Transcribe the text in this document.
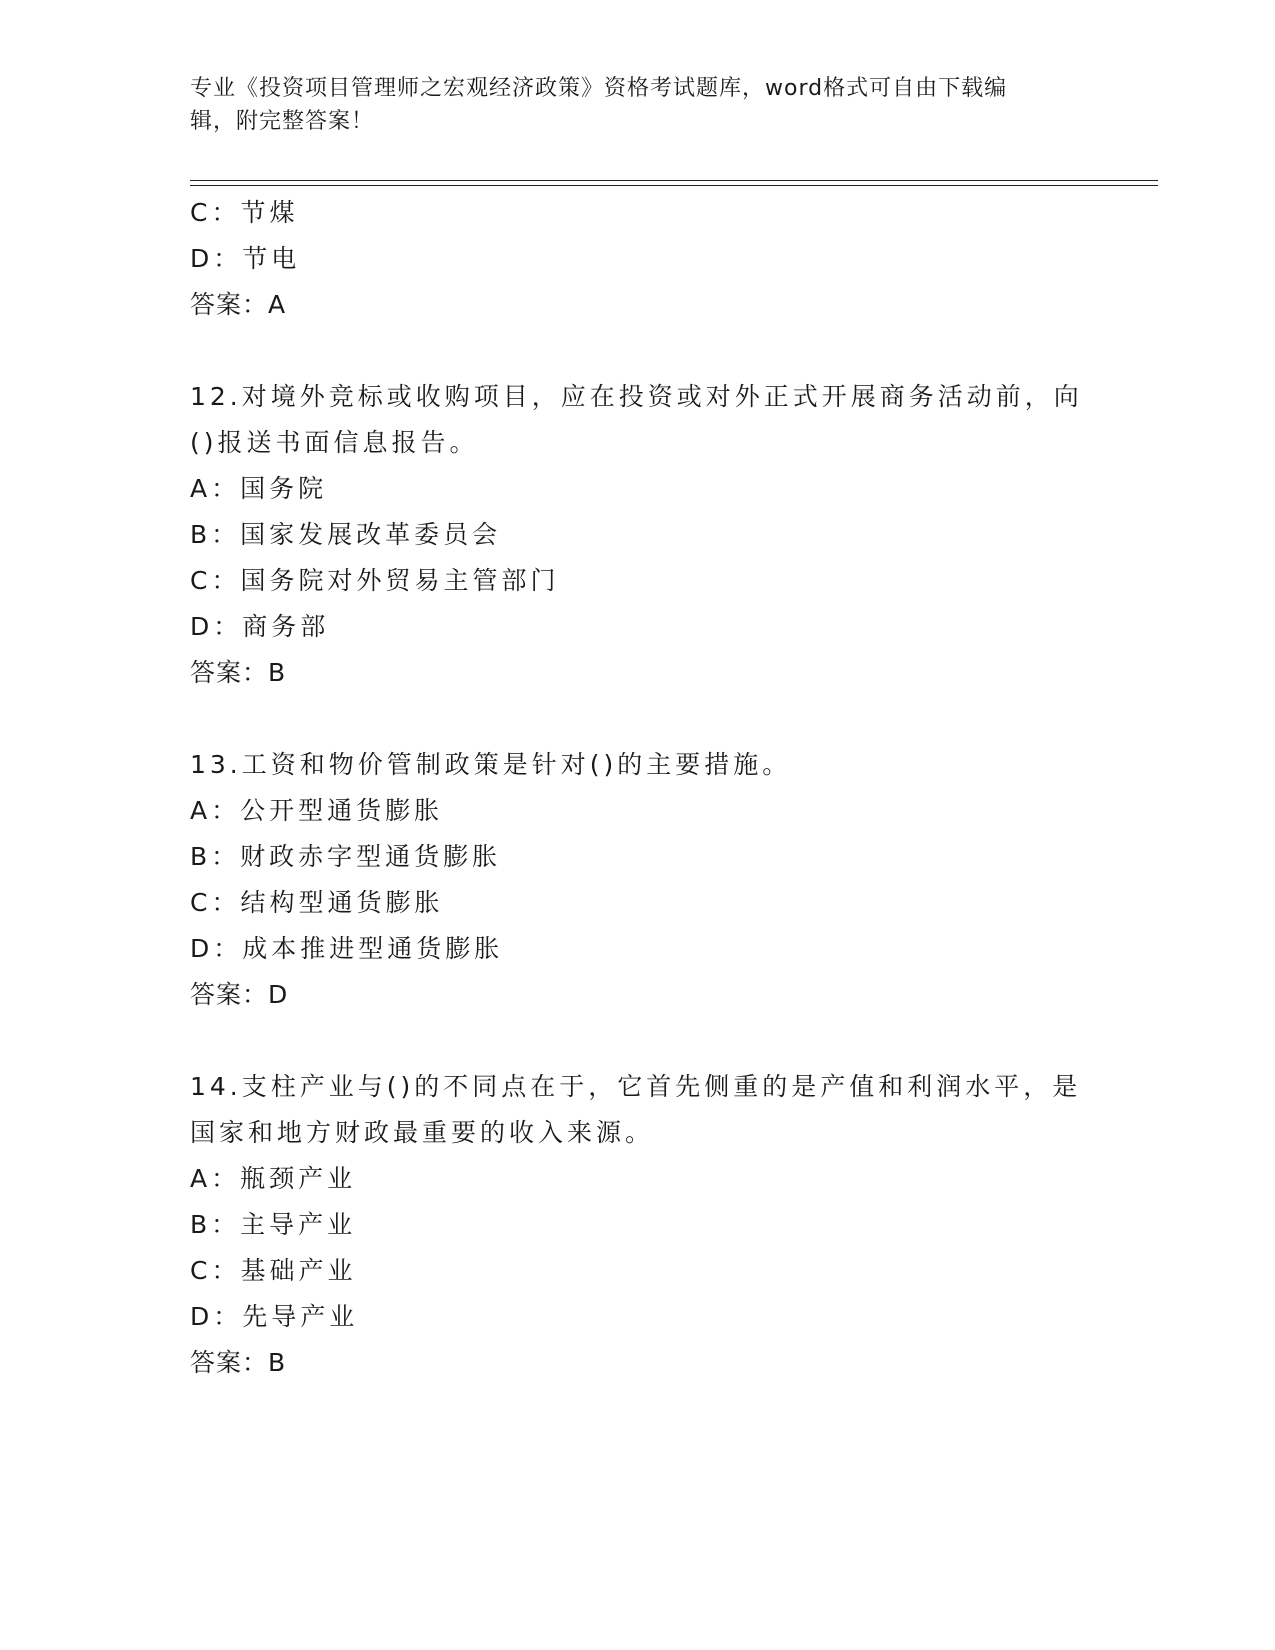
专业《投资项目管理师之宏观经济政策》资格考试题库，word格式可自由下载编
辑，附完整答案！
C：节煤
D：节电
答案：A
12.对境外竞标或收购项目，应在投资或对外正式开展商务活动前，向
()报送书面信息报告。
A：国务院
B：国家发展改革委员会
C：国务院对外贸易主管部门
D：商务部
答案：B
13.工资和物价管制政策是针对()的主要措施。
A：公开型通货膨胀
B：财政赤字型通货膨胀
C：结构型通货膨胀
D：成本推进型通货膨胀
答案：D
14.支柱产业与()的不同点在于，它首先侧重的是产值和利润水平，是
国家和地方财政最重要的收入来源。
A：瓶颈产业
B：主导产业
C：基础产业
D：先导产业
答案：B
